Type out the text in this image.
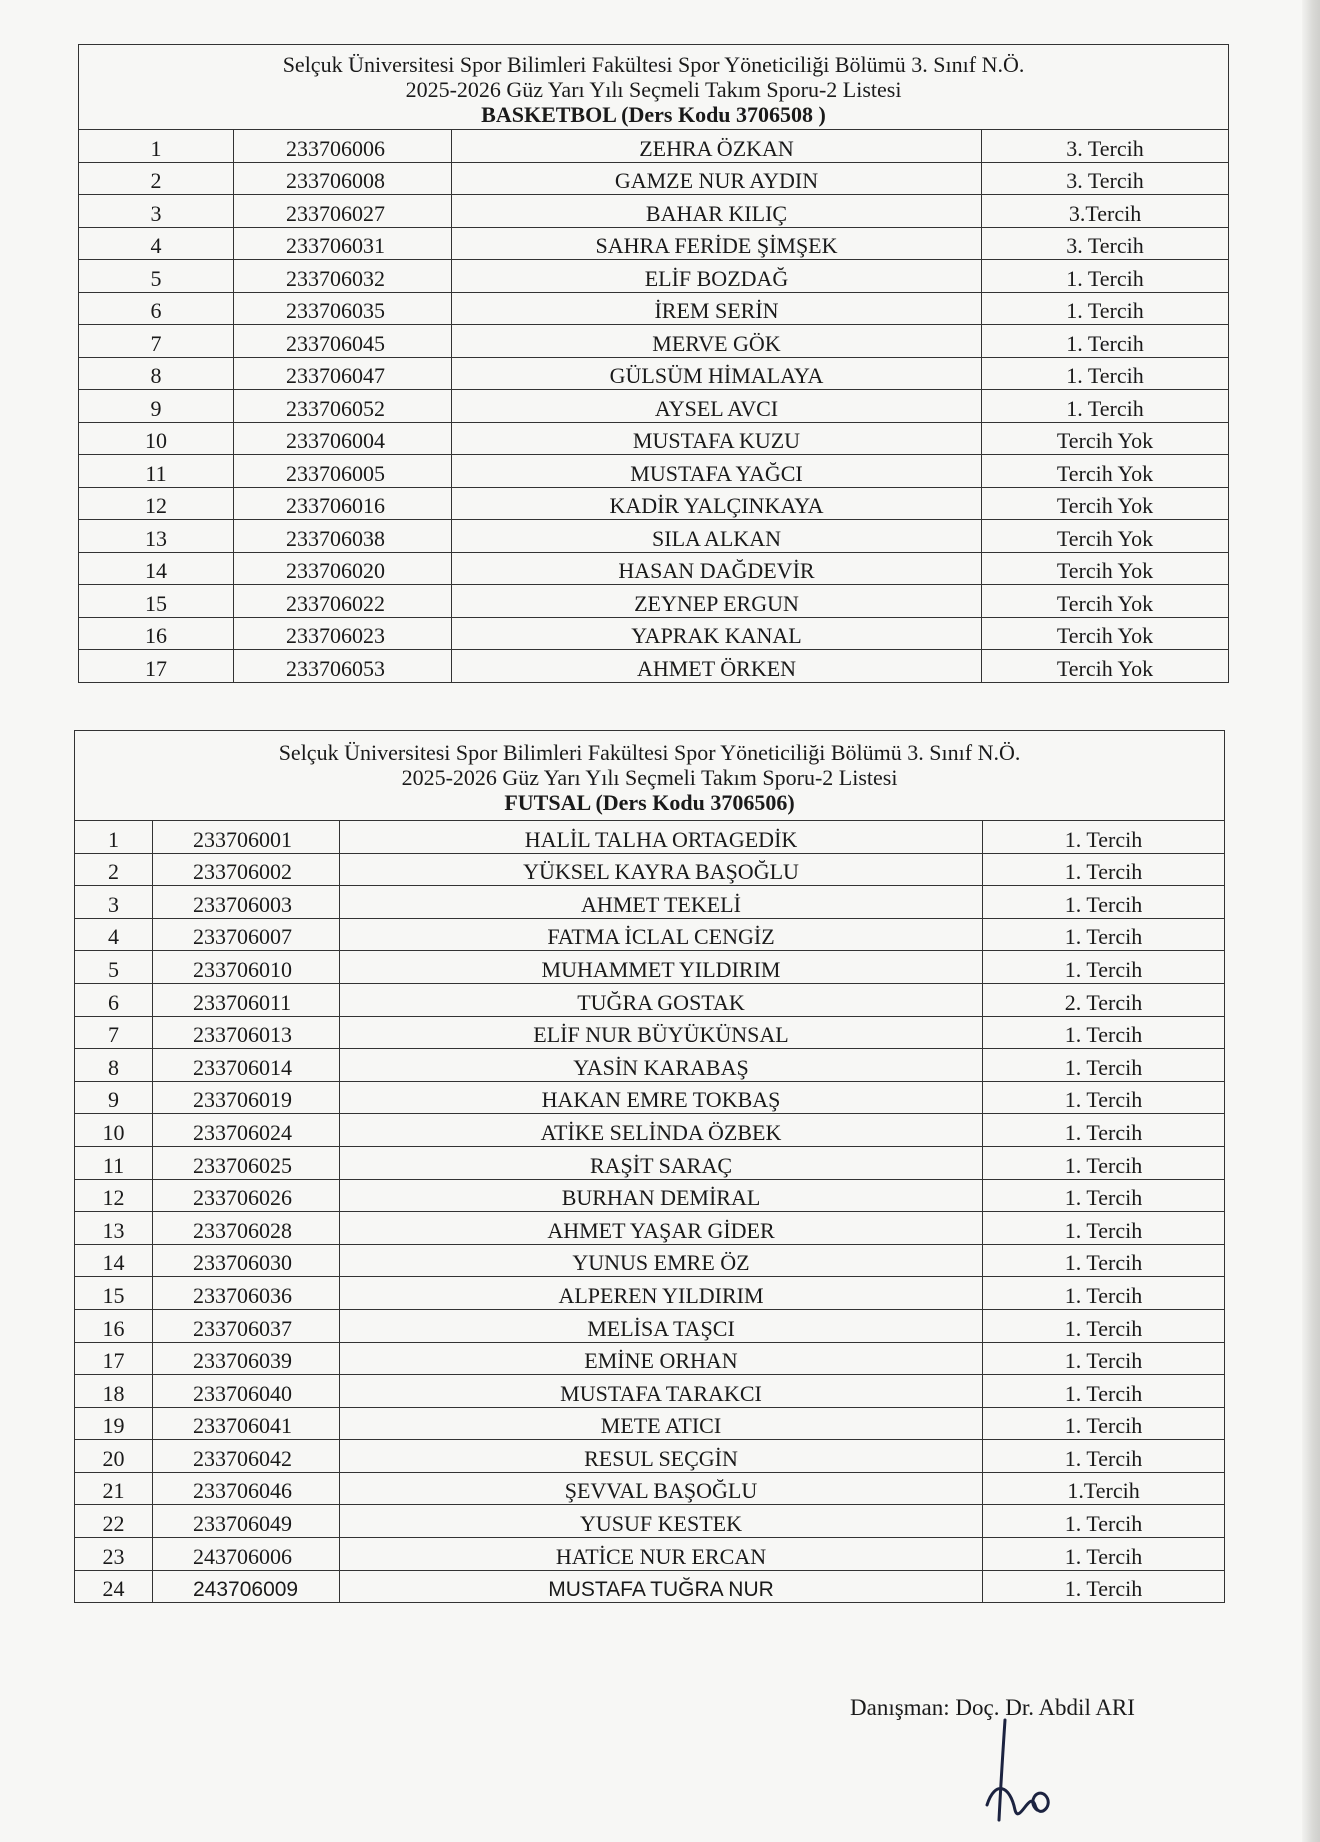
Selçuk Üniversitesi Spor Bilimleri Fakültesi Spor Yöneticiliği Bölümü 3. Sınıf N.Ö.
2025-2026 Güz Yarı Yılı Seçmeli Takım Sporu-2 Listesi
BASKETBOL (Ders Kodu 3706508 )			

1	233706006	ZEHRA ÖZKAN	3. Tercih
2	233706008	GAMZE NUR AYDIN	3. Tercih
3	233706027	BAHAR KILIÇ	3.Tercih
4	233706031	SAHRA FERİDE ŞİMŞEK	3. Tercih
5	233706032	ELİF BOZDAĞ	1. Tercih
6	233706035	İREM SERİN	1. Tercih
7	233706045	MERVE GÖK	1. Tercih
8	233706047	GÜLSÜM HİMALAYA	1. Tercih
9	233706052	AYSEL AVCI	1. Tercih
10	233706004	MUSTAFA KUZU	Tercih Yok
11	233706005	MUSTAFA YAĞCI	Tercih Yok
12	233706016	KADİR YALÇINKAYA	Tercih Yok
13	233706038	SILA ALKAN	Tercih Yok
14	233706020	HASAN DAĞDEVİR	Tercih Yok
15	233706022	ZEYNEP ERGUN	Tercih Yok
16	233706023	YAPRAK KANAL	Tercih Yok
17	233706053	AHMET ÖRKEN	Tercih Yok
Selçuk Üniversitesi Spor Bilimleri Fakültesi Spor Yöneticiliği Bölümü 3. Sınıf N.Ö.
2025-2026 Güz Yarı Yılı Seçmeli Takım Sporu-2 Listesi
FUTSAL (Ders Kodu 3706506)			

1	233706001	HALİL TALHA ORTAGEDİK	1. Tercih
2	233706002	YÜKSEL KAYRA BAŞOĞLU	1. Tercih
3	233706003	AHMET TEKELİ	1. Tercih
4	233706007	FATMA İCLAL CENGİZ	1. Tercih
5	233706010	MUHAMMET YILDIRIM	1. Tercih
6	233706011	TUĞRA GOSTAK	2. Tercih
7	233706013	ELİF NUR BÜYÜKÜNSAL	1. Tercih
8	233706014	YASİN KARABAŞ	1. Tercih
9	233706019	HAKAN EMRE TOKBAŞ	1. Tercih
10	233706024	ATİKE SELİNDA ÖZBEK	1. Tercih
11	233706025	RAŞİT SARAÇ	1. Tercih
12	233706026	BURHAN DEMİRAL	1. Tercih
13	233706028	AHMET YAŞAR GİDER	1. Tercih
14	233706030	YUNUS EMRE ÖZ	1. Tercih
15	233706036	ALPEREN YILDIRIM	1. Tercih
16	233706037	MELİSA TAŞCI	1. Tercih
17	233706039	EMİNE ORHAN	1. Tercih
18	233706040	MUSTAFA TARAKCI	1. Tercih
19	233706041	METE ATICI	1. Tercih
20	233706042	RESUL SEÇGİN	1. Tercih
21	233706046	ŞEVVAL BAŞOĞLU	1.Tercih
22	233706049	YUSUF KESTEK	1. Tercih
23	243706006	HATİCE NUR ERCAN	1. Tercih
24	243706009	MUSTAFA TUĞRA NUR	1. Tercih
Danışman: Doç. Dr. Abdil ARI
